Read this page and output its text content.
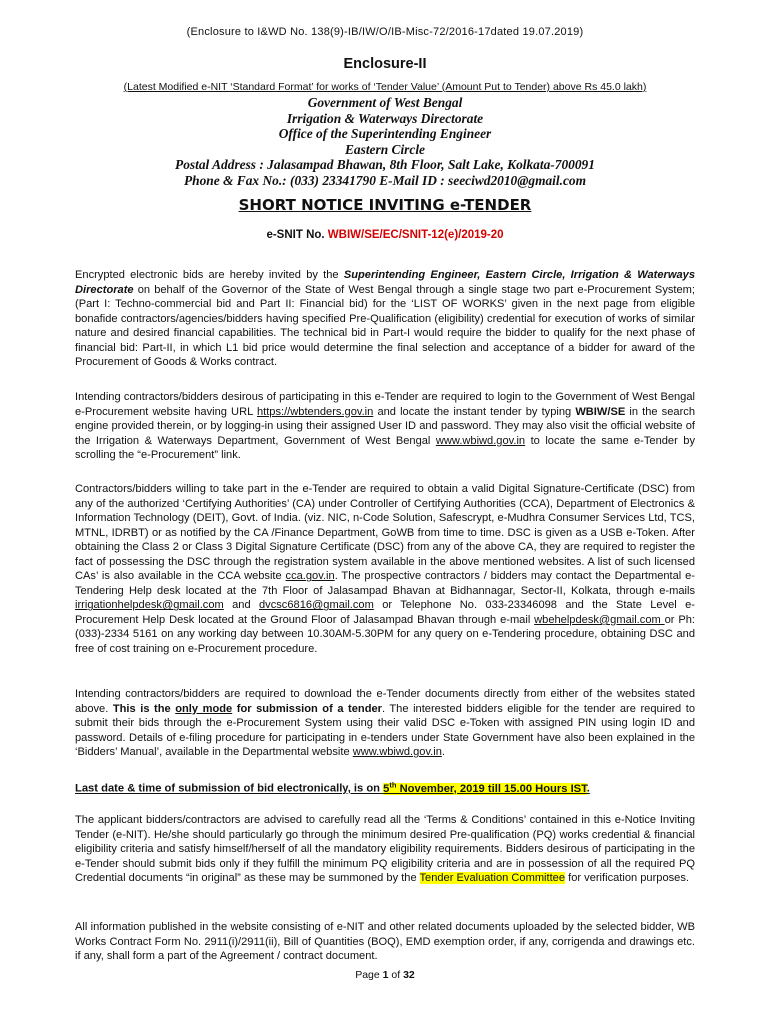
(Enclosure to I&WD No. 138(9)-IB/IW/O/IB-Misc-72/2016-17dated 19.07.2019)
Enclosure-II
(Latest Modified e-NIT ‘Standard Format’ for works of ‘Tender Value’ (Amount Put to Tender) above Rs 45.0 lakh)
Government of West Bengal
Irrigation & Waterways Directorate
Office of the Superintending Engineer
Eastern Circle
Postal Address : Jalasampad Bhawan, 8th Floor, Salt Lake, Kolkata-700091
Phone & Fax No.: (033) 23341790 E-Mail ID : seeciwd2010@gmail.com
SHORT NOTICE INVITING e-TENDER
e-SNIT No. WBIW/SE/EC/SNIT-12(e)/2019-20

Encrypted electronic bids are hereby invited by the Superintending Engineer, Eastern Circle, Irrigation & Waterways Directorate on behalf of the Governor of the State of West Bengal through a single stage two part e-Procurement System; (Part I: Techno-commercial bid and Part II: Financial bid) for the ‘LIST OF WORKS’ given in the next page from eligible bonafide contractors/agencies/bidders having specified Pre-Qualification (eligibility) credential for execution of works of similar nature and desired financial capabilities. The technical bid in Part-I would require the bidder to qualify for the next phase of financial bid: Part-II, in which L1 bid price would determine the final selection and acceptance of a bidder for award of the Procurement of Goods & Works contract.

Intending contractors/bidders desirous of participating in this e-Tender are required to login to the Government of West Bengal e-Procurement website having URL https://wbtenders.gov.in and locate the instant tender by typing WBIW/SE in the search engine provided therein, or by logging-in using their assigned User ID and password. They may also visit the official website of the Irrigation & Waterways Department, Government of West Bengal www.wbiwd.gov.in to locate the same e-Tender by scrolling the “e-Procurement” link.

Contractors/bidders willing to take part in the e-Tender are required to obtain a valid Digital Signature-Certificate (DSC) from any of the authorized ‘Certifying Authorities’ (CA) under Controller of Certifying Authorities (CCA), Department of Electronics & Information Technology (DEIT), Govt. of India. (viz. NIC, n-Code Solution, Safescrypt, e-Mudhra Consumer Services Ltd, TCS, MTNL, IDRBT) or as notified by the CA /Finance Department, GoWB from time to time. DSC is given as a USB e-Token. After obtaining the Class 2 or Class 3 Digital Signature Certificate (DSC) from any of the above CA, they are required to register the fact of possessing the DSC through the registration system available in the above mentioned websites. A list of such licensed CAs’ is also available in the CCA website cca.gov.in. The prospective contractors / bidders may contact the Departmental e-Tendering Help desk located at the 7th Floor of Jalasampad Bhavan at Bidhannagar, Sector-II, Kolkata, through e-mails irrigationhelpdesk@gmail.com and dvcsc6816@gmail.com or Telephone No. 033-23346098 and the State Level e-Procurement Help Desk located at the Ground Floor of Jalasampad Bhavan through e-mail wbehelpdesk@gmail.com or Ph:(033)-2334 5161 on any working day between 10.30AM-5.30PM for any query on e-Tendering procedure, obtaining DSC and free of cost training on e-Procurement procedure.

Intending contractors/bidders are required to download the e-Tender documents directly from either of the websites stated above. This is the only mode for submission of a tender. The interested bidders eligible for the tender are required to submit their bids through the e-Procurement System using their valid DSC e-Token with assigned PIN using login ID and password. Details of e-filing procedure for participating in e-tenders under State Government have also been explained in the ‘Bidders’ Manual’, available in the Departmental website www.wbiwd.gov.in.

Last date & time of submission of bid electronically, is on 5th November, 2019 till 15.00 Hours IST.

The applicant bidders/contractors are advised to carefully read all the ‘Terms & Conditions’ contained in this e-Notice Inviting Tender (e-NIT). He/she should particularly go through the minimum desired Pre-qualification (PQ) works credential & financial eligibility criteria and satisfy himself/herself of all the mandatory eligibility requirements. Bidders desirous of participating in the e-Tender should submit bids only if they fulfill the minimum PQ eligibility criteria and are in possession of all the required PQ Credential documents “in original” as these may be summoned by the Tender Evaluation Committee for verification purposes.

All information published in the website consisting of e-NIT and other related documents uploaded by the selected bidder, WB Works Contract Form No. 2911(i)/2911(ii), Bill of Quantities (BOQ), EMD exemption order, if any, corrigenda and drawings etc. if any, shall form a part of the Agreement / contract document.

Page 1 of 32
